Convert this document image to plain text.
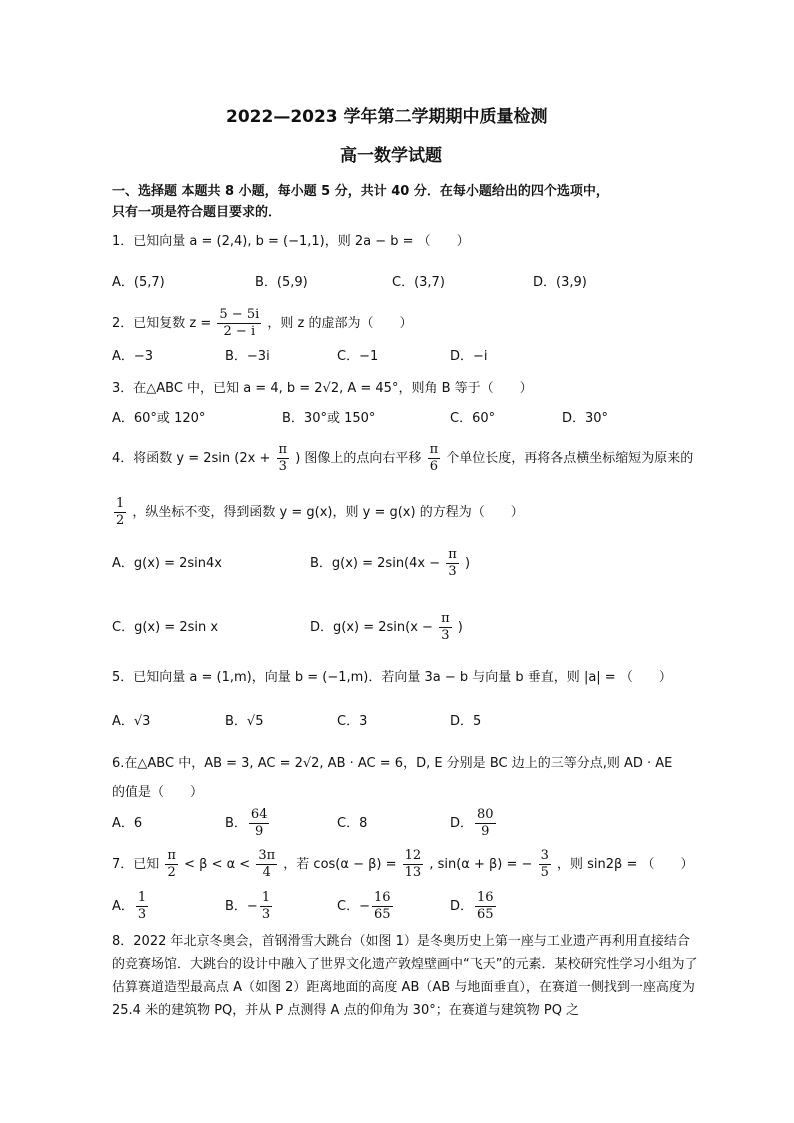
2022—2023 学年第二学期期中质量检测
高一数学试题
一、选择题 本题共 8 小题，每小题 5 分，共计 40 分．在每小题给出的四个选项中，
只有一项是符合题目要求的．
1．已知向量 a = (2,4), b = (−1,1)，则 2a − b = （　　）
A．(5,7)	B．(5,9)	C．(3,7)	D．(3,9)
2．已知复数 $z = \frac{5 - 5i}{2 - i}$ ，则 z 的虚部为（　　）
A．−3	B．−3i	C．−1	D．−i
3．在△ABC 中，已知 a = 4, b = 2√2, A = 45°，则角 B 等于（　　）
A．60°或 120°	B．30°或 150°	C．60°	D．30°
4．将函数 y = 2sin ($2x + \frac{\pi}{3}$ ) 图像上的点向右平移 $\frac{\pi}{6}$ 个单位长度，再将各点横坐标缩短为原来的
$\frac{1}{2}$ ，纵坐标不变，得到函数 y = g(x)，则 y = g(x) 的方程为（　　）
A．g(x) = 2sin4x	B．$g(x) = 2\sin(4x - \frac{\pi}{3}$ )
C．g(x) = 2sin x	D．$g(x) = 2\sin(x - \frac{\pi}{3}$ )
5．已知向量 a = (1,m)，向量 b = (−1,m)．若向量 3a − b 与向量 b 垂直，则 |a| = （　　）
A．√3	B．√5	C．3	D．5
6.在△ABC 中，AB = 3, AC = 2√2, AB · AC = 6，D, E 分别是 BC 边上的三等分点,则 AD · AE
的值是（　　）
A．6	B． $\frac{64}{9}$	C．8	D． $\frac{80}{9}$
7．已知 $\frac{\pi}{2} < \beta < \alpha < \frac{3\pi}{4}$ ，若 $\cos(\alpha - \beta) = \frac{12}{13}$ , sin(α + β) = − $\frac{3}{5}$ ，则 sin2β = （　　）
A． $\frac{1}{3}$	B．− $\frac{1}{3}$	C．− $\frac{16}{65}$	D． $\frac{16}{65}$
8．2022 年北京冬奥会，首钢滑雪大跳台（如图 1）是冬奥历史上第一座与工业遗产再利用直接结合的竞赛场馆．大跳台的设计中融入了世界文化遗产敦煌壁画中“飞天”的元素．某校研究性学习小组为了估算赛道造型最高点 A（如图 2）距离地面的高度 AB（AB 与地面垂直），在赛道一侧找到一座高度为 25.4 米的建筑物 PQ，并从 P 点测得 A 点的仰角为 30°；在赛道与建筑物 PQ 之
